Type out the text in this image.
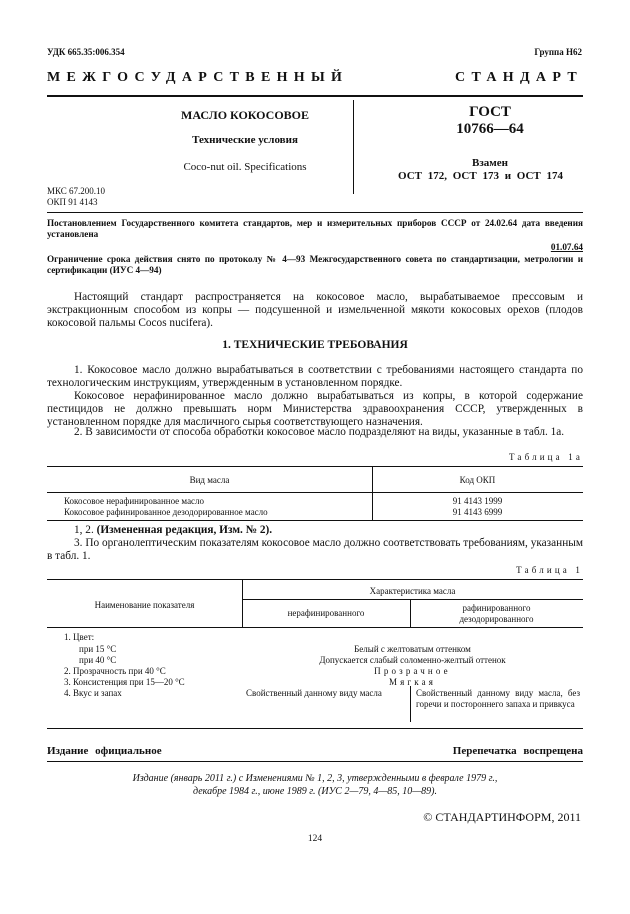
УДК 665.35:006.354	Группа Н62
МЕЖГОСУДАРСТВЕННЫЙ СТАНДАРТ
МАСЛО КОКОСОВОЕ
Технические условия
Coco-nut oil. Specifications
ГОСТ
10766—64
Взамен
ОСТ 172, ОСТ 173 и ОСТ 174
МКС 67.200.10
ОКП 91 4143
Постановлением Государственного комитета стандартов, мер и измерительных приборов СССР от 24.02.64 дата введения установлена
01.07.64
Ограничение срока действия снято по протоколу № 4—93 Межгосударственного совета по стандартизации, метрологии и сертификации (ИУС 4—94)
Настоящий стандарт распространяется на кокосовое масло, вырабатываемое прессовым и экстракционным способом из копры — подсушенной и измельченной мякоти кокосовых орехов (плодов кокосовой пальмы Cocos nucifera).
1. ТЕХНИЧЕСКИЕ ТРЕБОВАНИЯ
1. Кокосовое масло должно вырабатываться в соответствии с требованиями настоящего стандарта по технологическим инструкциям, утвержденным в установленном порядке.
Кокосовое нерафинированное масло должно вырабатываться из копры, в которой содержание пестицидов не должно превышать норм Министерства здравоохранения СССР, утвержденных в установленном порядке для масличного сырья соответствующего назначения.
2. В зависимости от способа обработки кокосовое масло подразделяют на виды, указанные в табл. 1а.
Таблица 1а
Вид масла	Код ОКП
Кокосовое нерафинированное масло	91 4143 1999
Кокосовое рафинированное дезодорированное масло	91 4143 6999
1, 2. (Измененная редакция, Изм. № 2).
3. По органолептическим показателям кокосовое масло должно соответствовать требованиям, указанным в табл. 1.
Таблица 1
Наименование показателя
Характеристика масла
нерафинированного	рафинированного
дезодорированного
1. Цвет:
при 15 °С	Белый с желтоватым оттенком
при 40 °С	Допускается слабый соломенно-желтый оттенок
2. Прозрачность при 40 °С	Прозрачное
3. Консистенция при 15—20 °С	Мягкая
4. Вкус и запах	Свойственный данному виду масла	Свойственный данному виду масла, без горечи и постороннего запаха и привкуса
Издание официальное	Перепечатка воспрещена
Издание (январь 2011 г.) с Изменениями № 1, 2, 3, утвержденными в феврале 1979 г.,
декабре 1984 г., июне 1989 г. (ИУС 2—79, 4—85, 10—89).
© СТАНДАРТИНФОРМ, 2011
124
